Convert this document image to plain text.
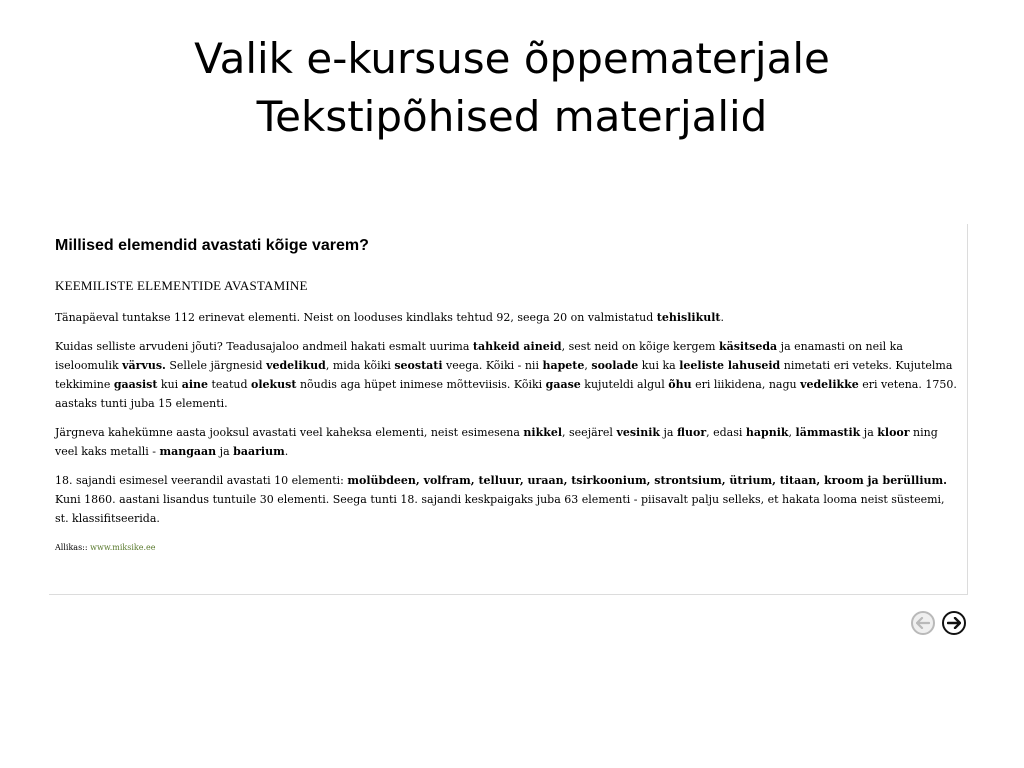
Valik e-kursuse õppematerjale
Tekstipõhised materjalid
Millised elemendid avastati kõige varem?
KEEMILISTE ELEMENTIDE AVASTAMINE

Tänapäeval tuntakse 112 erinevat elementi. Neist on looduses kindlaks tehtud 92, seega 20 on valmistatud tehislikult.

Kuidas selliste arvudeni jõuti? Teadusajaloo andmeil hakati esmalt uurima tahkeid aineid, sest neid on kõige kergem käsitseda ja enamasti on neil ka iseloomulik värvus. Sellele järgnesid vedelikud, mida kõiki seostati veega. Kõiki - nii hapete, soolade kui ka leeliste lahuseid nimetati eri veteks. Kujutelma tekkimine gaasist kui aine teatud olekust nõudis aga hüpet inimese mõtteviisis. Kõiki gaase kujuteldi algul õhu eri liikidena, nagu vedelikke eri vetena. 1750. aastaks tunti juba 15 elementi.

Järgneva kahekümne aasta jooksul avastati veel kaheksa elementi, neist esimesena nikkel, seejärel vesinik ja fluor, edasi hapnik, lämmastik ja kloor ning veel kaks metalli - mangaan ja baarium.

18. sajandi esimesel veerandil avastati 10 elementi: molübdeen, volfram, telluur, uraan, tsirkoonium, strontsium, ütrium, titaan, kroom ja berüllium. Kuni 1860. aastani lisandus tuntuile 30 elementi. Seega tunti 18. sajandi keskpaigaks juba 63 elementi - piisavalt palju selleks, et hakata looma neist süsteemi, st. klassifitseerida.

Allikas:: www.miksike.ee
